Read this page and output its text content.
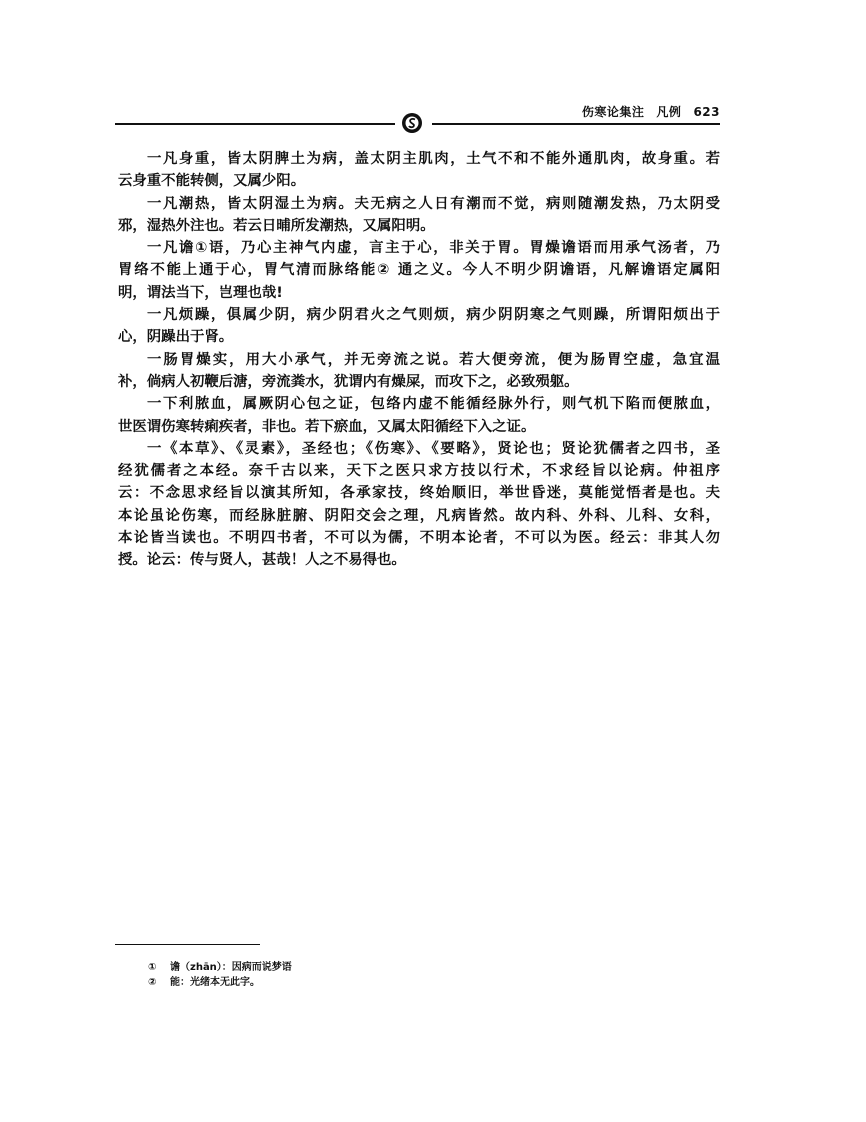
伤寒论集注 凡例 623
一凡身重，皆太阴脾土为病，盖太阴主肌肉，土气不和不能外通肌肉，故身重。若
云身重不能转侧，又属少阳。
一凡潮热，皆太阴湿土为病。夫无病之人日有潮而不觉，病则随潮发热，乃太阴受
邪，湿热外注也。若云日晡所发潮热，又属阳明。
一凡谵①语，乃心主神气内虚，言主于心，非关于胃。胃燥谵语而用承气汤者，乃
胃络不能上通于心，胃气清而脉络能② 通之义。今人不明少阴谵语，凡解谵语定属阳
明，谓法当下，岂理也哉!
一凡烦躁，俱属少阴，病少阴君火之气则烦，病少阴阴寒之气则躁，所谓阳烦出于
心，阴躁出于肾。
一肠胃燥实，用大小承气，并无旁流之说。若大便旁流，便为肠胃空虚，急宜温
补，倘病人初鞭后溏，旁流粪水，犹谓内有燥屎，而攻下之，必致殒躯。
一下利脓血，属厥阴心包之证，包络内虚不能循经脉外行，则气机下陷而便脓血，
世医谓伤寒转痢疾者，非也。若下瘀血，又属太阳循经下入之证。
一《本草》、《灵素》，圣经也；《伤寒》、《要略》，贤论也；贤论犹儒者之四书，圣
经犹儒者之本经。奈千古以来，天下之医只求方技以行术，不求经旨以论病。仲祖序
云：不念思求经旨以演其所知，各承家技，终始顺旧，举世昏迷，莫能觉悟者是也。夫
本论虽论伤寒，而经脉脏腑、阴阳交会之理，凡病皆然。故内科、外科、儿科、女科，
本论皆当读也。不明四书者，不可以为儒，不明本论者，不可以为医。经云：非其人勿
授。论云：传与贤人，甚哉！人之不易得也。
① 谵（zhān）：因病而说梦语
② 能：光绪本无此字。
